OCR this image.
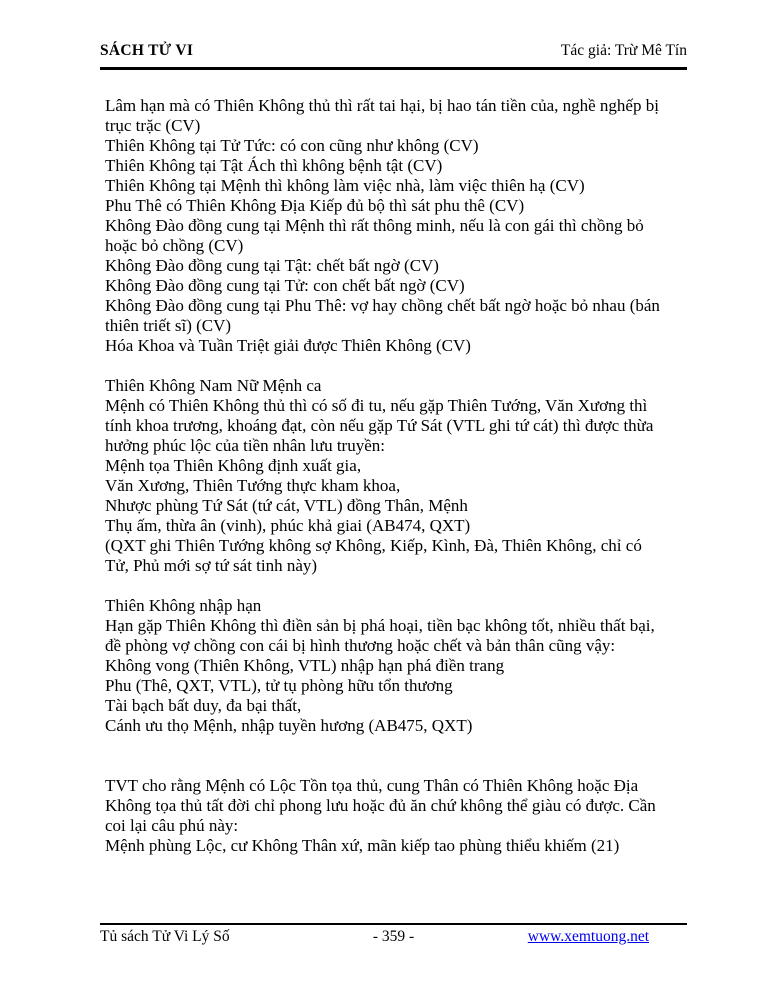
SÁCH TỬ VI	Tác giả: Trừ Mê Tín
Lâm hạn mà có Thiên Không thủ thì rất tai hại, bị hao tán tiền của, nghề nghếp bị
trục trặc (CV)
Thiên Không tại Tử Tức: có con cũng như không (CV)
Thiên Không tại Tật Ách thì không bệnh tật (CV)
Thiên Không tại Mệnh thì không làm việc nhà, làm việc thiên hạ (CV)
Phu Thê có Thiên Không Địa Kiếp đủ bộ thì sát phu thê (CV)
Không Đào đồng cung tại Mệnh thì rất thông minh, nếu là con gái thì chồng bỏ
hoặc bỏ chồng (CV)
Không Đào đồng cung tại Tật: chết bất ngờ (CV)
Không Đào đồng cung tại Tử: con chết bất ngờ (CV)
Không Đào đồng cung tại Phu Thê: vợ hay chồng chết bất ngờ hoặc bỏ nhau (bán
thiên triết sĩ) (CV)
Hóa Khoa và Tuần Triệt giải được Thiên Không (CV)

Thiên Không Nam Nữ Mệnh ca
Mệnh có Thiên Không thủ thì có số đi tu, nếu gặp Thiên Tướng, Văn Xương thì
tính khoa trương, khoáng đạt, còn nếu gặp Tứ Sát (VTL ghi tứ cát) thì được thừa
hưởng phúc lộc của tiền nhân lưu truyền:
Mệnh tọa Thiên Không định xuất gia,
Văn Xương, Thiên Tướng thực kham khoa,
Nhược phùng Tứ Sát (tứ cát, VTL) đồng Thân, Mệnh
Thụ ấm, thừa ân (vinh), phúc khả giai (AB474, QXT)
(QXT ghi Thiên Tướng không sợ Không, Kiếp, Kình, Đà, Thiên Không, chỉ có
Tử, Phủ mới sợ tứ sát tinh này)

Thiên Không nhập hạn
Hạn gặp Thiên Không thì điền sản bị phá hoại, tiền bạc không tốt, nhiều thất bại,
đề phòng vợ chồng con cái bị hình thương hoặc chết và bản thân cũng vậy:
Không vong (Thiên Không, VTL) nhập hạn phá điền trang
Phu (Thê, QXT, VTL), tử tụ phòng hữu tổn thương
Tài bạch bất duy, đa bại thất,
Cánh ưu thọ Mệnh, nhập tuyền hương (AB475, QXT)

TVT cho rằng Mệnh có Lộc Tồn tọa thủ, cung Thân có Thiên Không hoặc Địa
Không tọa thủ tất đời chỉ phong lưu hoặc đủ ăn chứ không thể giàu có được. Cần
coi lại câu phú này:
Mệnh phùng Lộc, cư Không Thân xứ, mãn kiếp tao phùng thiểu khiếm (21)
Tủ sách Tử Vi Lý Số	- 359 -	www.xemtuong.net
